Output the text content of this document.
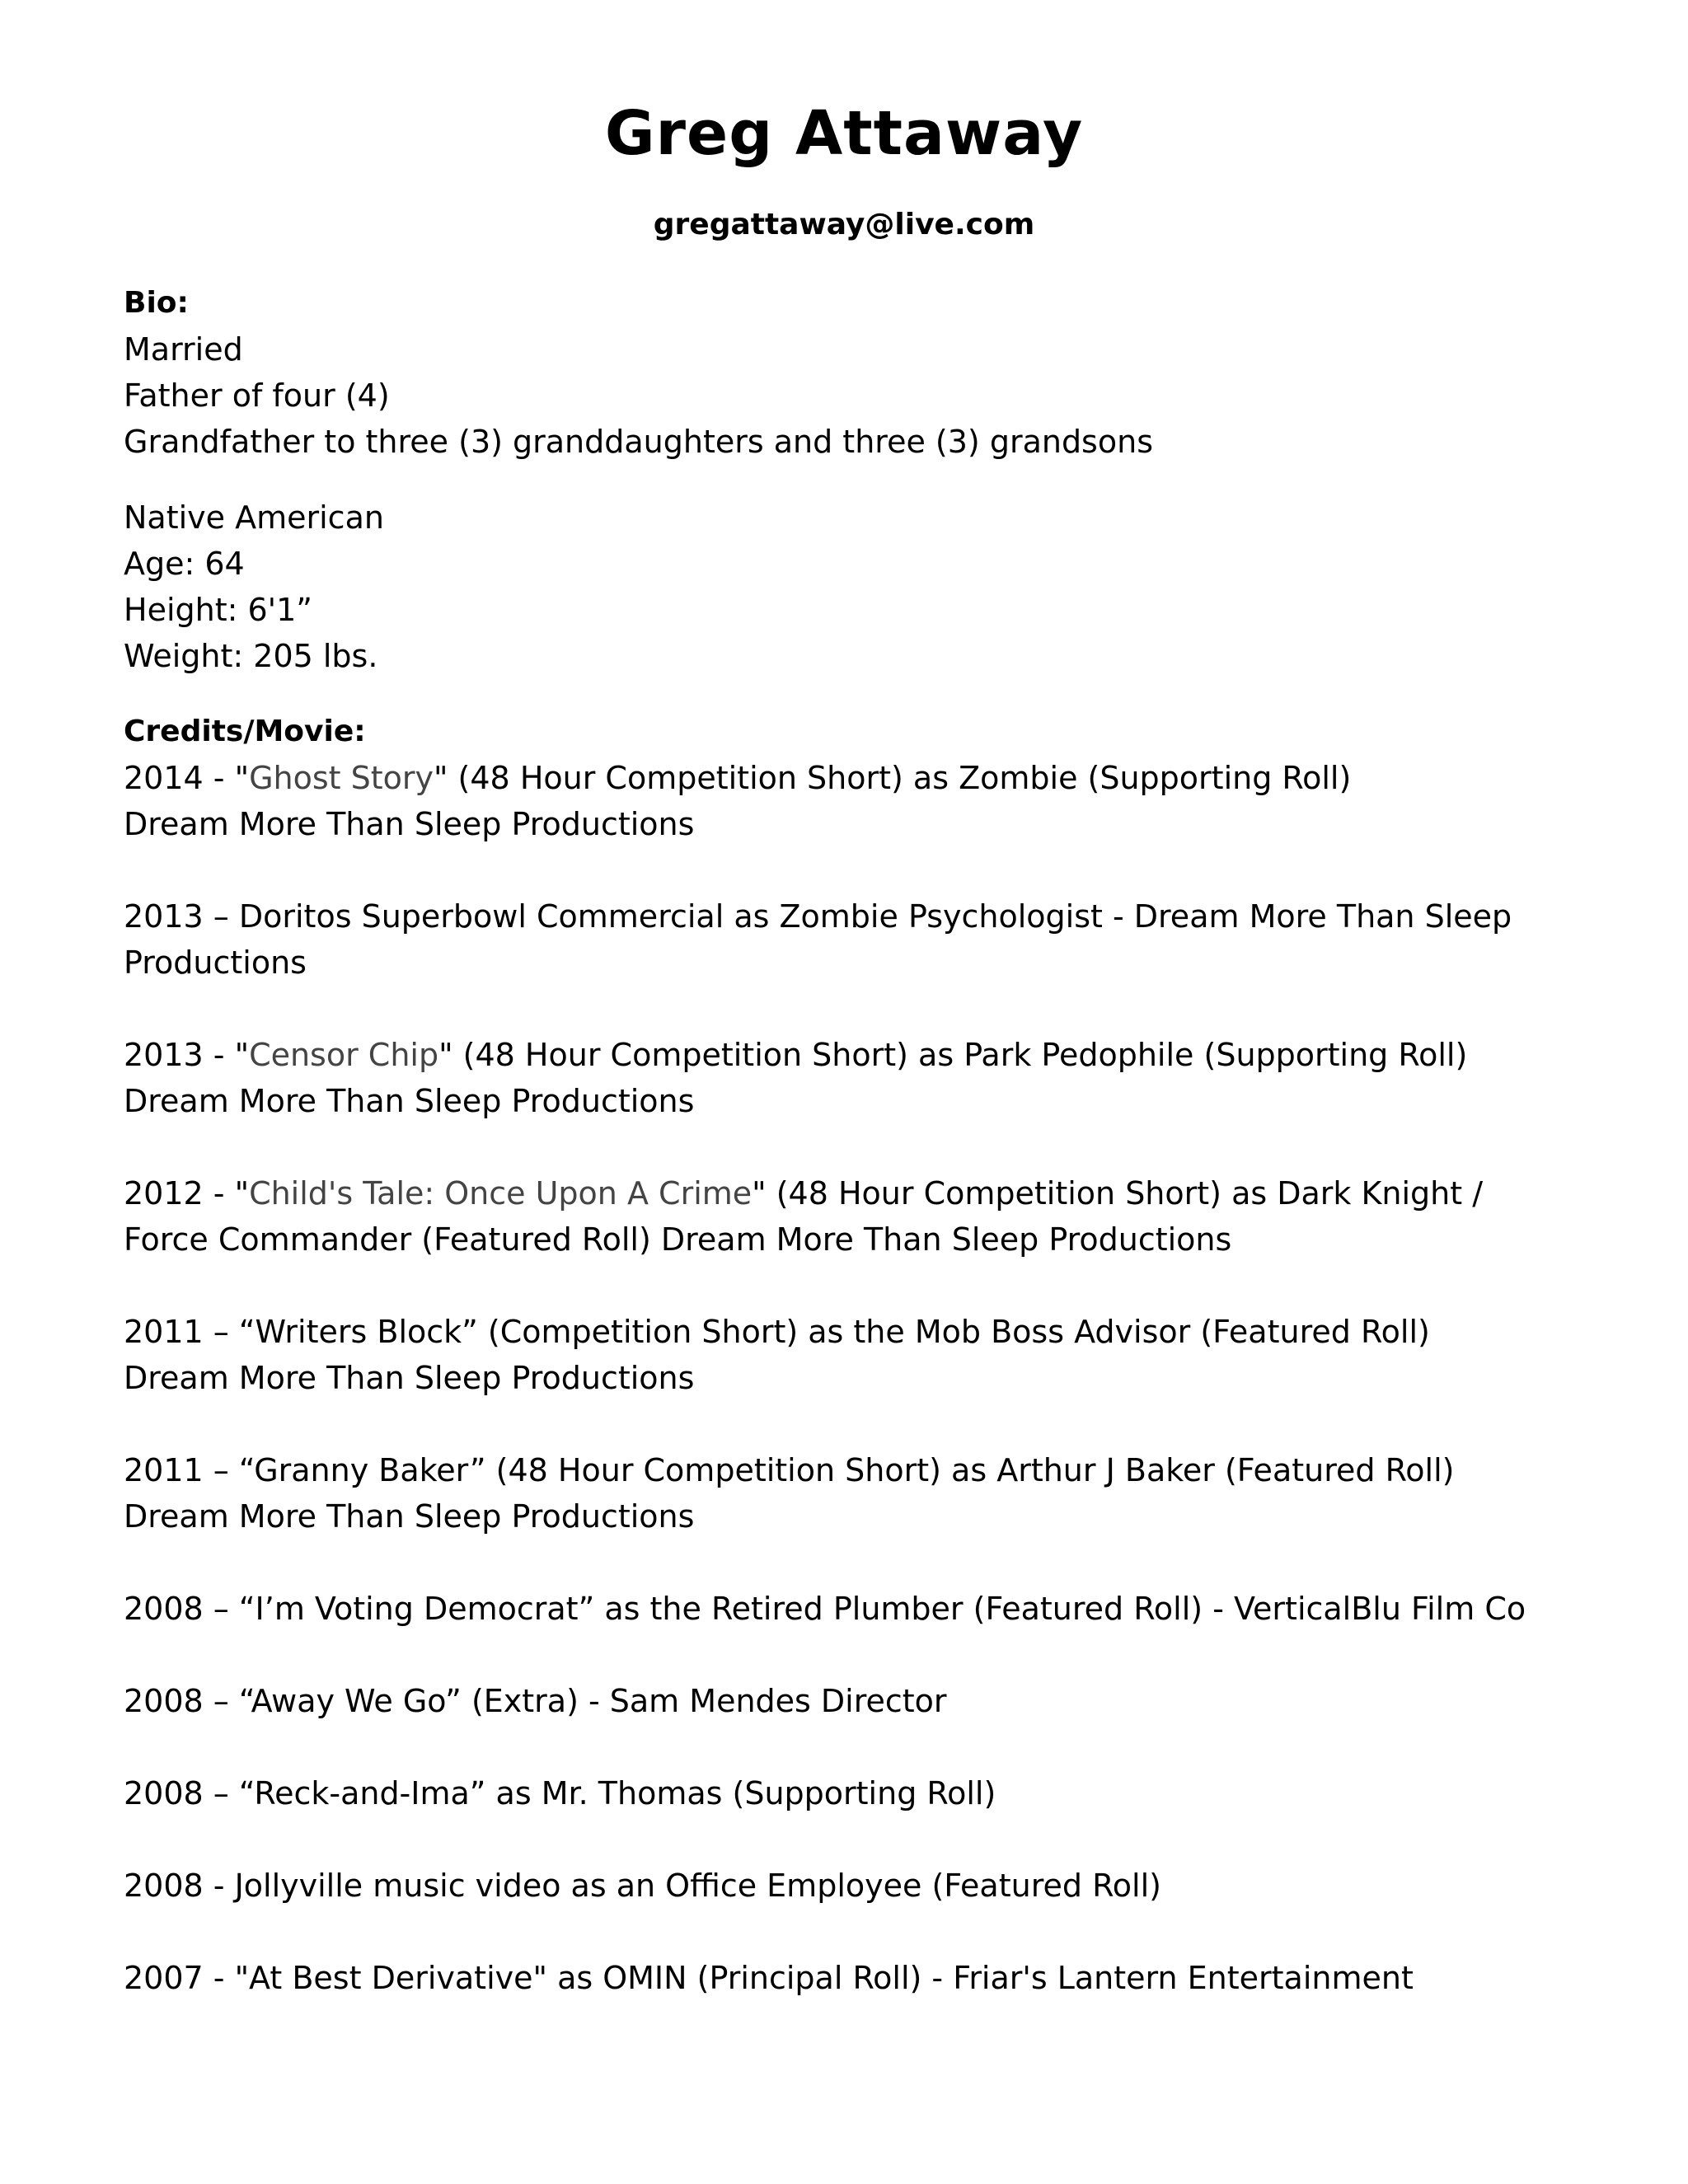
Greg Attaway
gregattaway@live.com
Bio:
Married
Father of four (4)
Grandfather to three (3) granddaughters and three (3) grandsons
Native American
Age: 64
Height: 6'1”
Weight: 205 lbs.
Credits/Movie:
2014 - "Ghost Story" (48 Hour Competition Short) as Zombie (Supporting Roll)
Dream More Than Sleep Productions
2013 – Doritos Superbowl Commercial as Zombie Psychologist - Dream More Than Sleep
Productions
2013 - "Censor Chip" (48 Hour Competition Short) as Park Pedophile (Supporting Roll)
Dream More Than Sleep Productions
2012 - "Child's Tale: Once Upon A Crime" (48 Hour Competition Short) as Dark Knight /
Force Commander (Featured Roll) Dream More Than Sleep Productions
2011 – “Writers Block” (Competition Short) as the Mob Boss Advisor (Featured Roll)
Dream More Than Sleep Productions
2011 – “Granny Baker” (48 Hour Competition Short) as Arthur J Baker (Featured Roll)
Dream More Than Sleep Productions
2008 – “I’m Voting Democrat” as the Retired Plumber (Featured Roll) - VerticalBlu Film Co
2008 – “Away We Go” (Extra) - Sam Mendes Director
2008 – “Reck-and-Ima” as Mr. Thomas (Supporting Roll)
2008 - Jollyville music video as an Office Employee (Featured Roll)
2007 - "At Best Derivative" as OMIN (Principal Roll) - Friar's Lantern Entertainment
